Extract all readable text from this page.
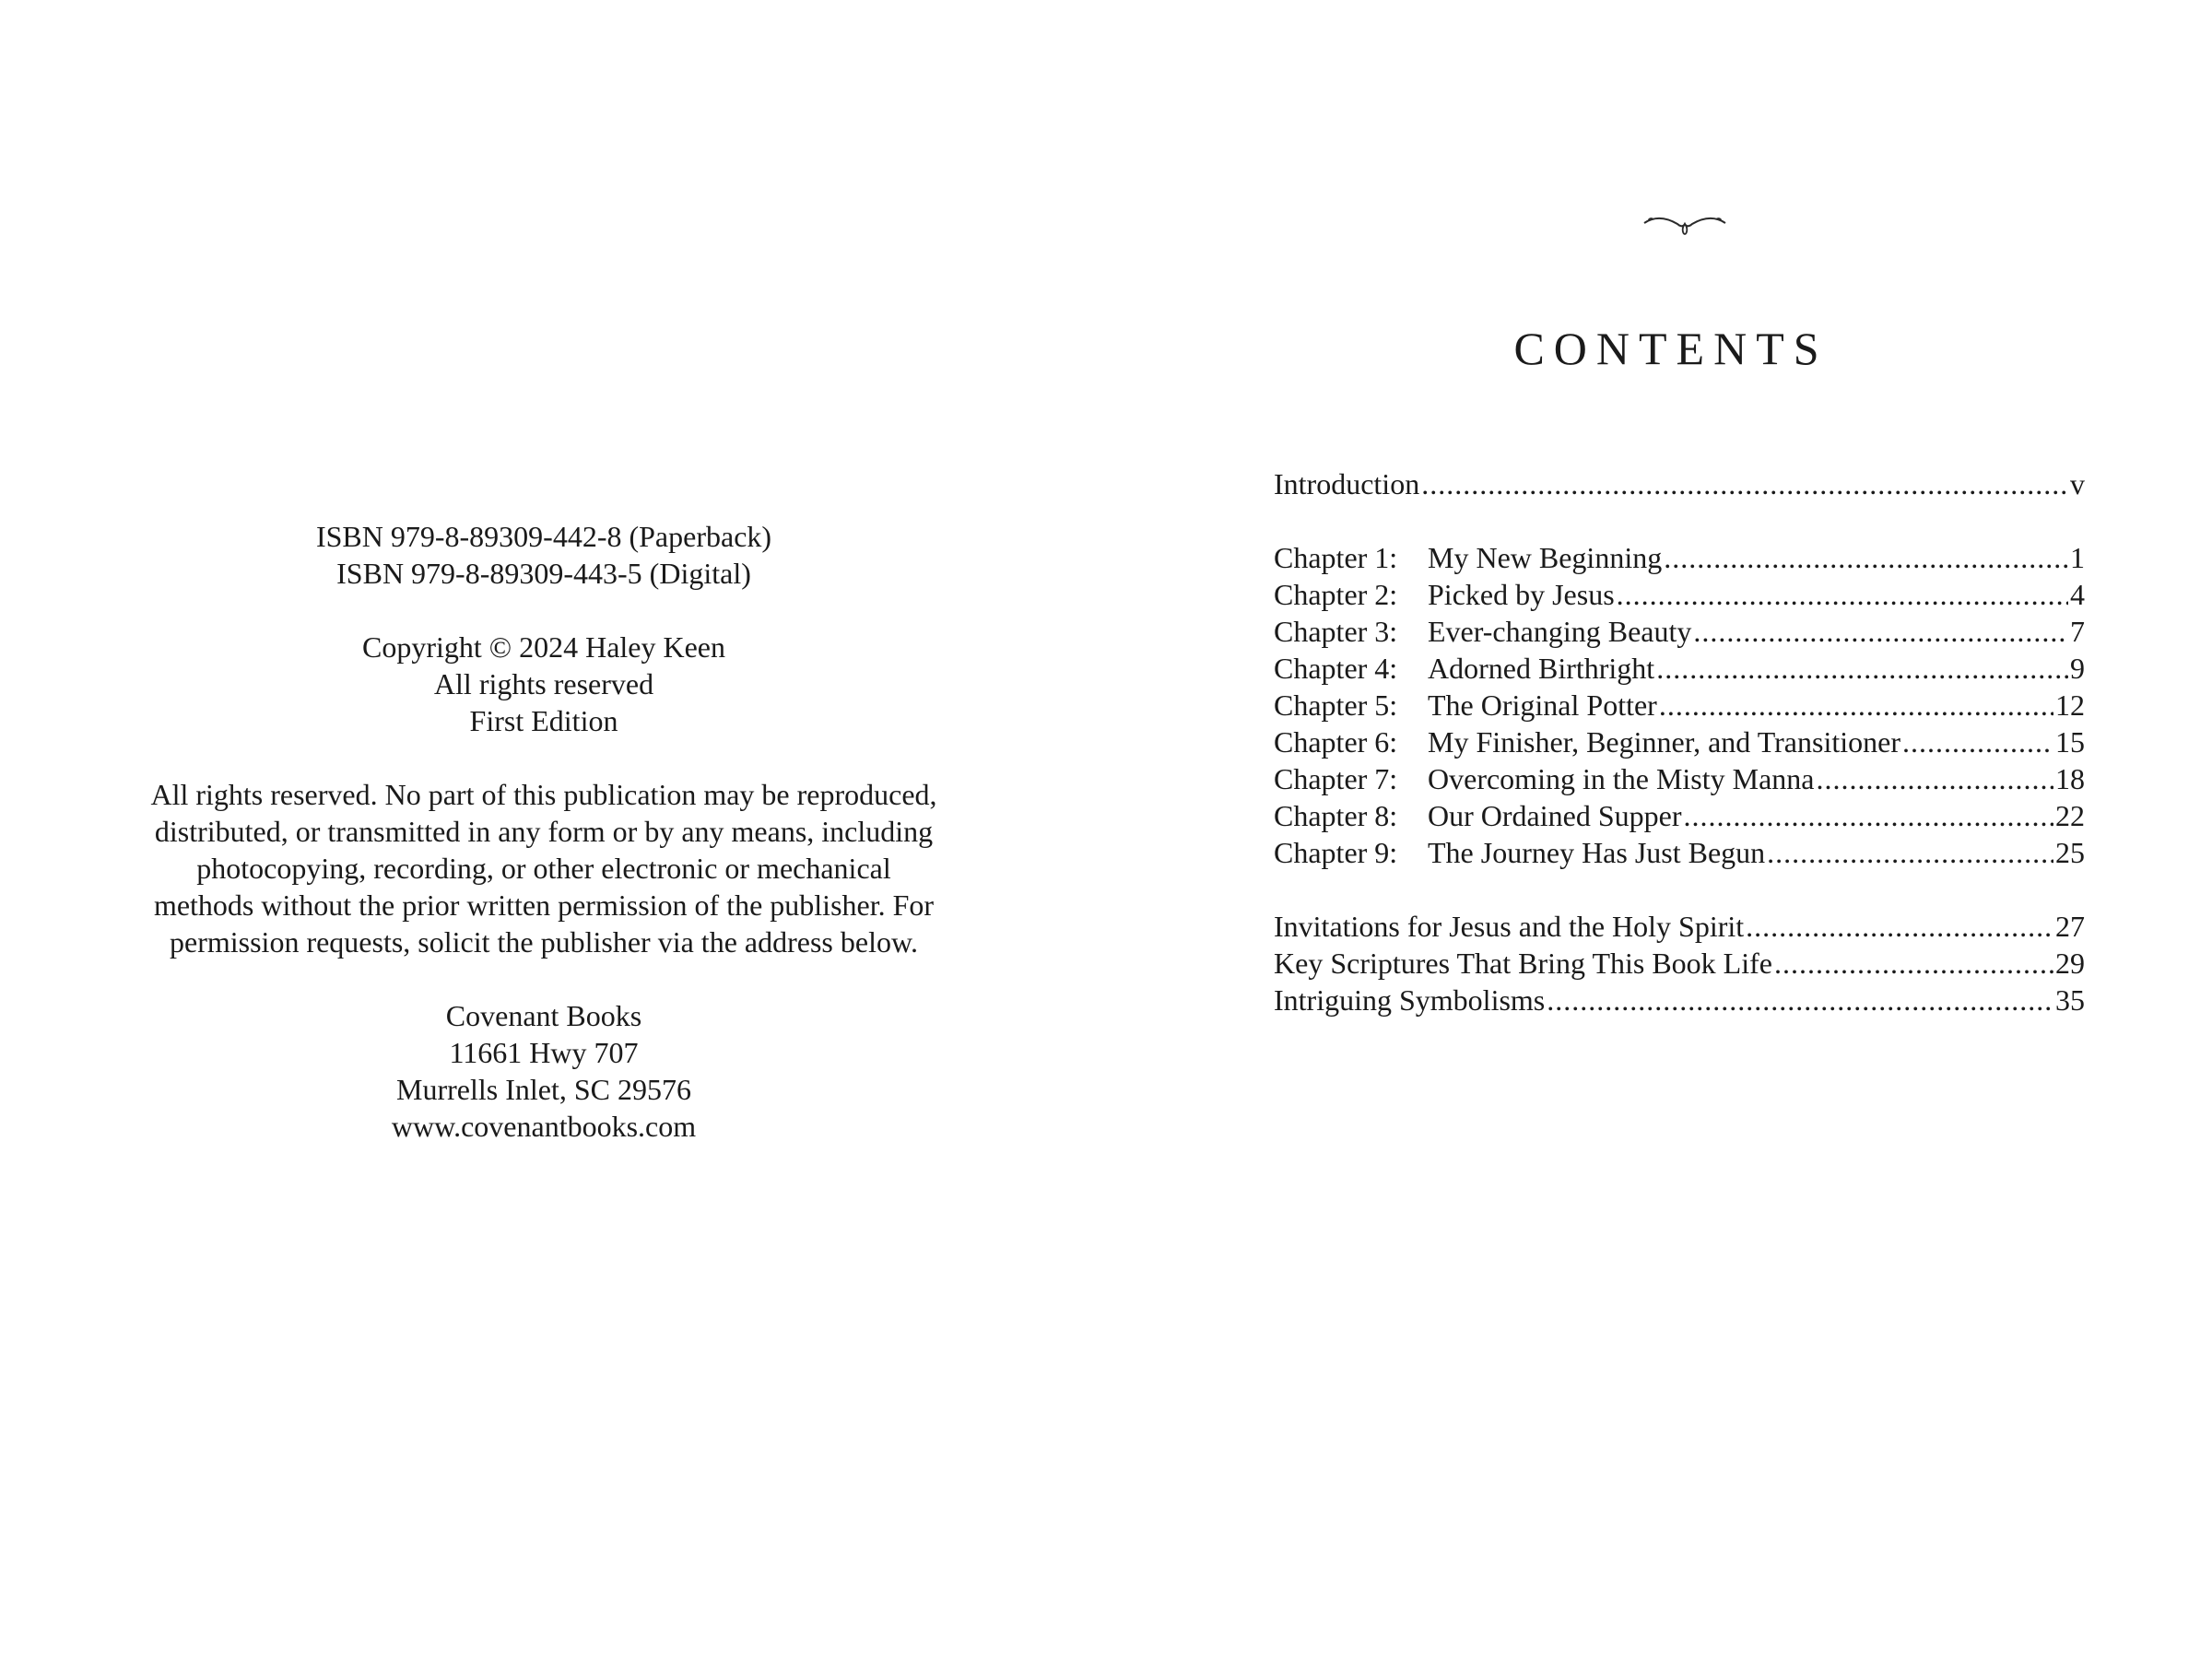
ISBN 979-8-89309-442-8 (Paperback)
ISBN 979-8-89309-443-5 (Digital)
Copyright © 2024 Haley Keen
All rights reserved
First Edition
All rights reserved. No part of this publication may be reproduced,
distributed, or transmitted in any form or by any means, including
photocopying, recording, or other electronic or mechanical
methods without the prior written permission of the publisher. For
permission requests, solicit the publisher via the address below.
Covenant Books
11661 Hwy 707
Murrells Inlet, SC 29576
www.covenantbooks.com
CONTENTS
Introduction .....	v
Chapter 1:	My New Beginning .....	1
Chapter 2:	Picked by Jesus .....	4
Chapter 3:	Ever-changing Beauty .....	7
Chapter 4:	Adorned Birthright .....	9
Chapter 5:	The Original Potter .....	12
Chapter 6:	My Finisher, Beginner, and Transitioner .....	15
Chapter 7:	Overcoming in the Misty Manna .....	18
Chapter 8:	Our Ordained Supper .....	22
Chapter 9:	The Journey Has Just Begun .....	25
Invitations for Jesus and the Holy Spirit .....	27
Key Scriptures That Bring This Book Life .....	29
Intriguing Symbolisms .....	35
